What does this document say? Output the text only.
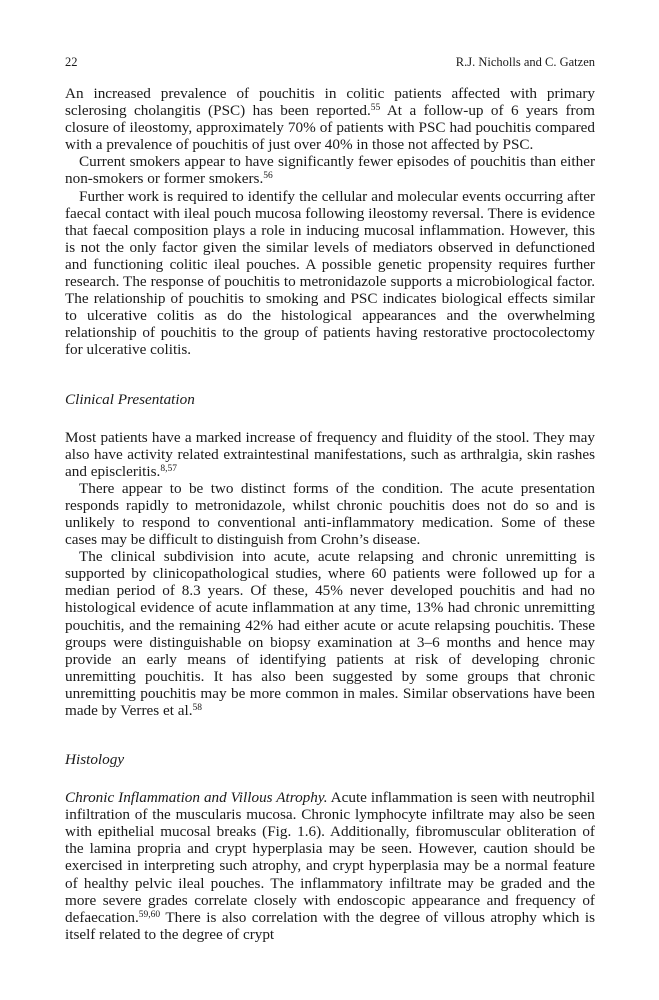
22	R.J. Nicholls and C. Gatzen

An increased prevalence of pouchitis in colitic patients affected with primary sclerosing cholangitis (PSC) has been reported.$^{55}$ At a follow-up of 6 years from closure of ileostomy, approximately 70% of patients with PSC had pouchitis compared with a prevalence of pouchitis of just over 40% in those not affected by PSC.

Current smokers appear to have significantly fewer episodes of pouchitis than either non-smokers or former smokers.$^{56}$

Further work is required to identify the cellular and molecular events occurring after faecal contact with ileal pouch mucosa following ileostomy reversal. There is evidence that faecal composition plays a role in inducing mucosal inflammation. However, this is not the only factor given the similar levels of mediators observed in defunctioned and functioning colitic ileal pouches. A possible genetic propensity requires further research. The response of pouchitis to metronidazole supports a microbiological factor. The relationship of pouchitis to smoking and PSC indicates biological effects similar to ulcerative colitis as do the histological appearances and the overwhelming relationship of pouchitis to the group of patients having restorative proctocolectomy for ulcerative colitis.

Clinical Presentation

Most patients have a marked increase of frequency and fluidity of the stool. They may also have activity related extraintestinal manifestations, such as arthralgia, skin rashes and episcleritis.$^{8,57}$

There appear to be two distinct forms of the condition. The acute presentation responds rapidly to metronidazole, whilst chronic pouchitis does not do so and is unlikely to respond to conventional anti-inflammatory medication. Some of these cases may be difficult to distinguish from Crohn’s disease.

The clinical subdivision into acute, acute relapsing and chronic unremitting is supported by clinicopathological studies, where 60 patients were followed up for a median period of 8.3 years. Of these, 45% never developed pouchitis and had no histological evidence of acute inflammation at any time, 13% had chronic unremitting pouchitis, and the remaining 42% had either acute or acute relapsing pouchitis. These groups were distinguishable on biopsy examination at 3–6 months and hence may provide an early means of identifying patients at risk of developing chronic unremitting pouchitis. It has also been suggested by some groups that chronic unremitting pouchitis may be more common in males. Similar observations have been made by Verres et al.$^{58}$

Histology

Chronic Inflammation and Villous Atrophy. Acute inflammation is seen with neutrophil infiltration of the muscularis mucosa. Chronic lymphocyte infiltrate may also be seen with epithelial mucosal breaks (Fig. 1.6). Additionally, fibromuscular obliteration of the lamina propria and crypt hyperplasia may be seen. However, caution should be exercised in interpreting such atrophy, and crypt hyperplasia may be a normal feature of healthy pelvic ileal pouches. The inflammatory infiltrate may be graded and the more severe grades correlate closely with endoscopic appearance and frequency of defaecation.$^{59,60}$ There is also correlation with the degree of villous atrophy which is itself related to the degree of crypt
